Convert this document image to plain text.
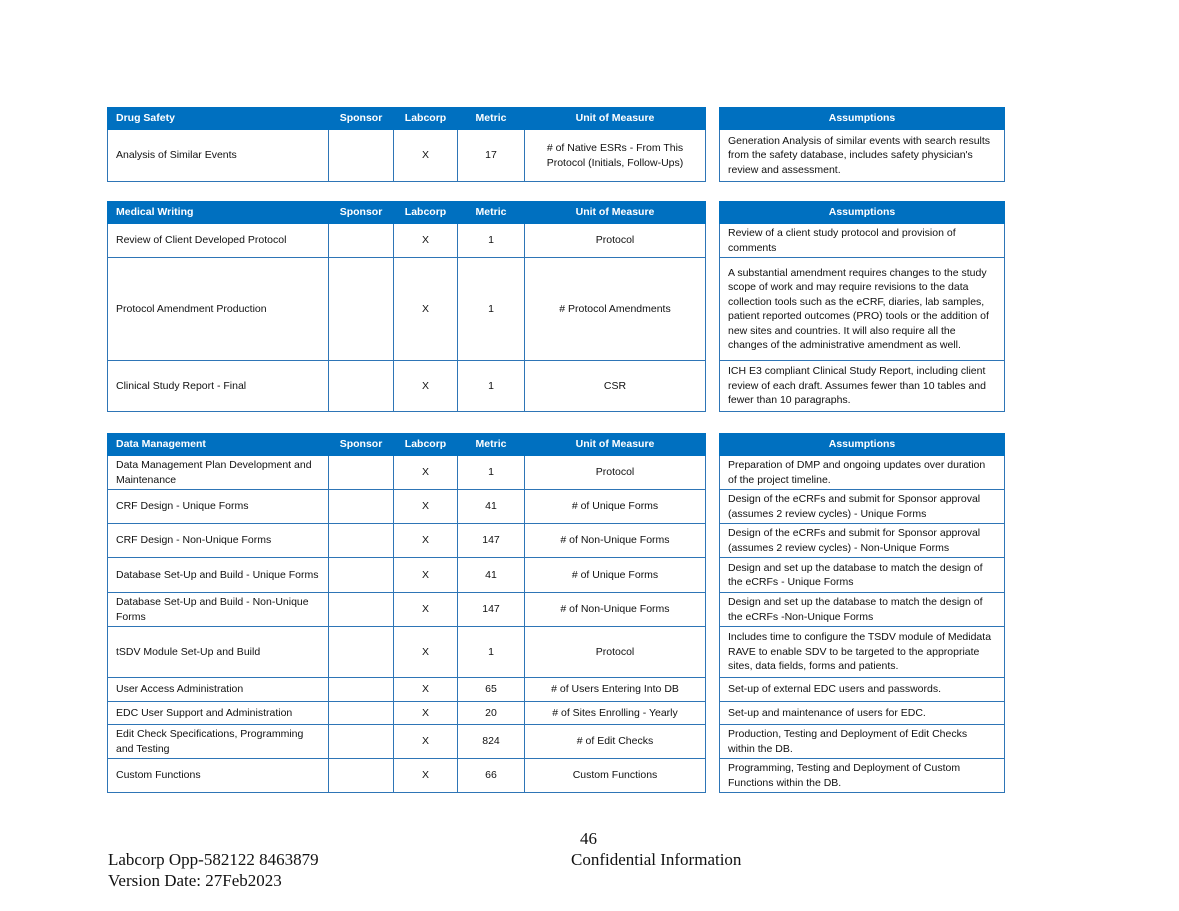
Drug Safety	Sponsor	Labcorp	Metric	Unit of Measure
Analysis of Similar Events		X	17	# of Native ESRs - From This Protocol (Initials, Follow-Ups)
Assumptions
Generation Analysis of similar events with search results from the safety database, includes safety physician's review and assessment.
Medical Writing	Sponsor	Labcorp	Metric	Unit of Measure
Review of Client Developed Protocol		X	1	Protocol
Protocol Amendment Production		X	1	# Protocol Amendments
Clinical Study Report - Final		X	1	CSR
Assumptions
Review of a client study protocol and provision of comments
A substantial amendment requires changes to the study scope of work and may require revisions to the data collection tools such as the eCRF, diaries, lab samples, patient reported outcomes (PRO) tools or the addition of new sites and countries. It will also require all the changes of the administrative amendment as well.
ICH E3 compliant Clinical Study Report, including client review of each draft. Assumes fewer than 10 tables and fewer than 10 paragraphs.
Data Management	Sponsor	Labcorp	Metric	Unit of Measure
Data Management Plan Development and Maintenance		X	1	Protocol
CRF Design - Unique Forms		X	41	# of Unique Forms
CRF Design - Non-Unique Forms		X	147	# of Non-Unique Forms
Database Set-Up and Build - Unique Forms		X	41	# of Unique Forms
Database Set-Up and Build - Non-Unique Forms		X	147	# of Non-Unique Forms
tSDV Module Set-Up and Build		X	1	Protocol
User Access Administration		X	65	# of Users Entering Into DB
EDC User Support and Administration		X	20	# of Sites Enrolling - Yearly
Edit Check Specifications, Programming and Testing		X	824	# of Edit Checks
Custom Functions		X	66	Custom Functions
Assumptions
Preparation of DMP and ongoing updates over duration of the project timeline.
Design of the eCRFs and submit for Sponsor approval (assumes 2 review cycles) - Unique Forms
Design of the eCRFs and submit for Sponsor approval (assumes 2 review cycles) - Non-Unique Forms
Design and set up the database to match the design of the eCRFs - Unique Forms
Design and set up the database to match the design of the eCRFs -Non-Unique Forms
Includes time to configure the TSDV module of Medidata RAVE to enable SDV to be targeted to the appropriate sites, data fields, forms and patients.
Set-up of external EDC users and passwords.
Set-up and maintenance of users for EDC.
Production, Testing and Deployment of Edit Checks within the DB.
Programming, Testing and Deployment of Custom Functions within the DB.
46
Labcorp Opp-582122 8463879	Confidential Information
Version Date: 27Feb2023
